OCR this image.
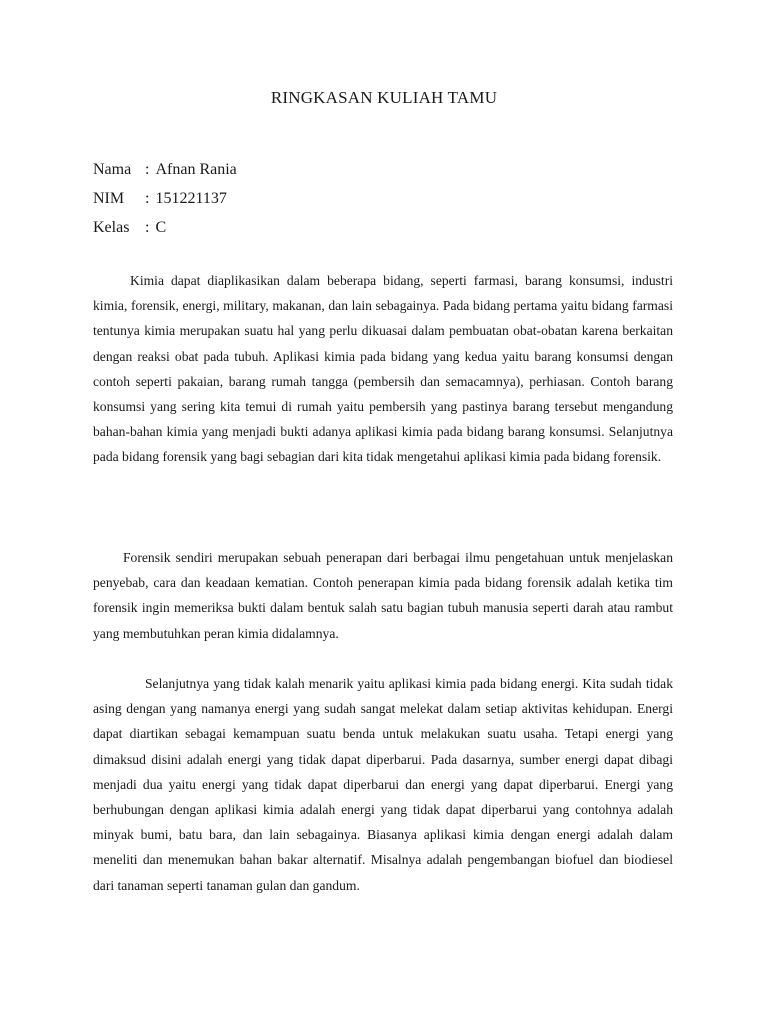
RINGKASAN KULIAH TAMU
Nama : Afnan Rania
NIM	: 151221137
Kelas : C

Kimia dapat diaplikasikan dalam beberapa bidang, seperti farmasi, barang konsumsi, industri kimia, forensik, energi, military, makanan, dan lain sebagainya. Pada bidang pertama yaitu bidang farmasi tentunya kimia merupakan suatu hal yang perlu dikuasai dalam pembuatan obat-obatan karena berkaitan dengan reaksi obat pada tubuh. Aplikasi kimia pada bidang yang kedua yaitu barang konsumsi dengan contoh seperti pakaian, barang rumah tangga (pembersih dan semacamnya), perhiasan. Contoh barang konsumsi yang sering kita temui di rumah yaitu pembersih yang pastinya barang tersebut mengandung bahan-bahan kimia yang menjadi bukti adanya aplikasi kimia pada bidang barang konsumsi. Selanjutnya pada bidang forensik yang bagi sebagian dari kita tidak mengetahui aplikasi kimia pada bidang forensik.

Forensik sendiri merupakan sebuah penerapan dari berbagai ilmu pengetahuan untuk menjelaskan penyebab, cara dan keadaan kematian. Contoh penerapan kimia pada bidang forensik adalah ketika tim forensik ingin memeriksa bukti dalam bentuk salah satu bagian tubuh manusia seperti darah atau rambut yang membutuhkan peran kimia didalamnya.

Selanjutnya yang tidak kalah menarik yaitu aplikasi kimia pada bidang energi. Kita sudah tidak asing dengan yang namanya energi yang sudah sangat melekat dalam setiap aktivitas kehidupan. Energi dapat diartikan sebagai kemampuan suatu benda untuk melakukan suatu usaha. Tetapi energi yang dimaksud disini adalah energi yang tidak dapat diperbarui. Pada dasarnya, sumber energi dapat dibagi menjadi dua yaitu energi yang tidak dapat diperbarui dan energi yang dapat diperbarui. Energi yang berhubungan dengan aplikasi kimia adalah energi yang tidak dapat diperbarui yang contohnya adalah minyak bumi, batu bara, dan lain sebagainya. Biasanya aplikasi kimia dengan energi adalah dalam meneliti dan menemukan bahan bakar alternatif. Misalnya adalah pengembangan biofuel dan biodiesel dari tanaman seperti tanaman gulan dan gandum.
